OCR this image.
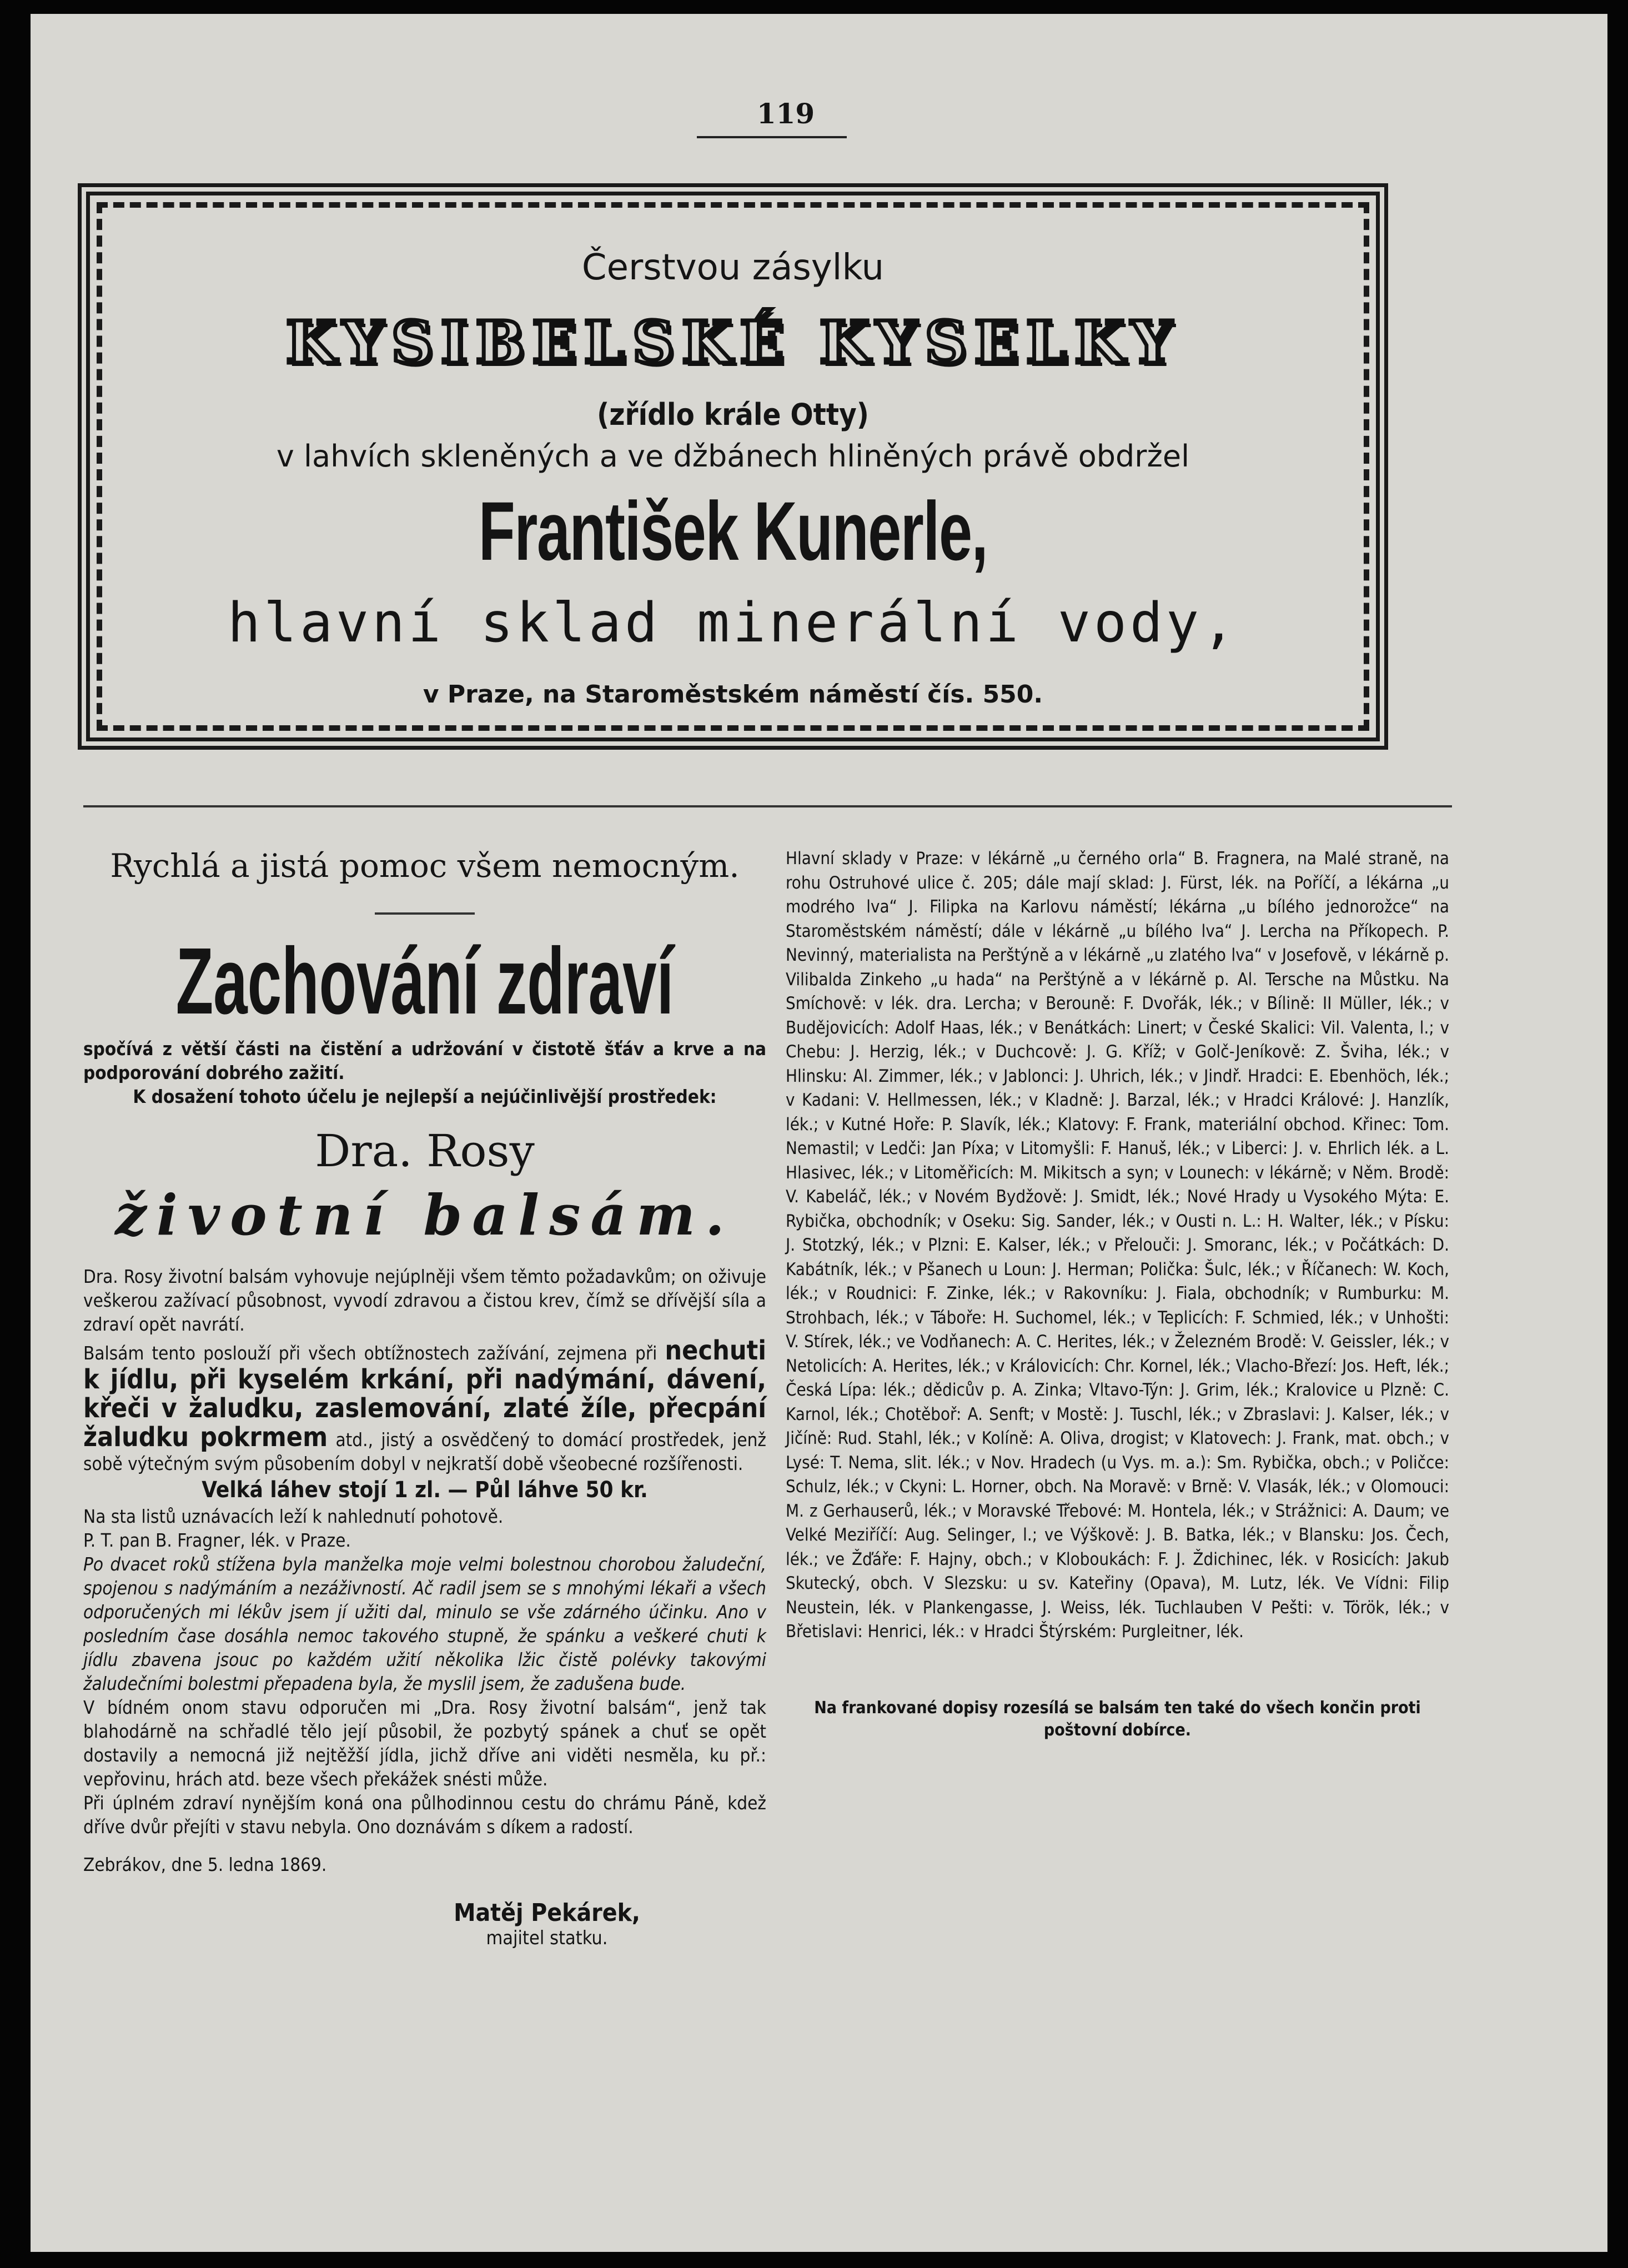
119
Čerstvou zásylku
KYSIBELSKÉ KYSELKY
(zřídlo krále Otty)
v lahvích skleněných a ve džbánech hliněných právě obdržel
František Kunerle,
hlavní sklad minerální vody,
v Praze, na Staroměstském náměstí čís. 550.
Rychlá a jistá pomoc všem nemocným.
Zachování zdraví

spočívá z větší části na čistění a udržování v čistotě šťáv a krve a na podporování dobrého zažití.

K dosažení tohoto účelu je nejlepší a nejúčinlivější prostředek:

Dra. Rosy
životní balsám.

Dra. Rosy životní balsám vyhovuje nejúplněji všem těmto požadavkům; on oživuje veškerou zažívací působnost, vyvodí zdravou a čistou krev, čímž se dřívější síla a zdraví opět navrátí.

Balsám tento poslouží při všech obtížnostech zažívání, zejmena při nechuti k jídlu, při kyselém krkání, při nadýmání, dávení, křeči v žaludku, zaslemování, zlaté žíle, přecpání žaludku pokrmem atd., jistý a osvědčený to domácí prostředek, jenž sobě výtečným svým působením dobyl v nejkratší době všeobecné rozšířenosti.

Velká láhev stojí 1 zl. — Půl láhve 50 kr.

Na sta listů uznávacích leží k nahlednutí pohotově.

P. T. pan B. Fragner, lék. v Praze.

Po dvacet roků stížena byla manželka moje velmi bolestnou chorobou žaludeční, spojenou s nadýmáním a nezáživností. Ač radil jsem se s mnohými lékaři a všech odporučených mi lékův jsem jí užiti dal, minulo se vše zdárného účinku. Ano v posledním čase dosáhla nemoc takového stupně, že spánku a veškeré chuti k jídlu zbavena jsouc po každém užití několika lžic čistě polévky takovými žaludečními bolestmi přepadena byla, že myslil jsem, že zadušena bude.

V bídném onom stavu odporučen mi „Dra. Rosy životní balsám“, jenž tak blahodárně na schřadlé tělo její působil, že pozbytý spánek a chuť se opět dostavily a nemocná již nejtěžší jídla, jichž dříve ani viděti nesměla, ku př.: vepřovinu, hrách atd. beze všech překážek snésti může.

Při úplném zdraví nynějším koná ona půlhodinnou cestu do chrámu Páně, kdež dříve dvůr přejíti v stavu nebyla. Ono doznávám s díkem a radostí.

Zebrákov, dne 5. ledna 1869.

Matěj Pekárek,
majitel statku.

Hlavní sklady v Praze: v lékárně „u černého orla“ B. Fragnera, na Malé straně, na rohu Ostruhové ulice č. 205; dále mají sklad: J. Fürst, lék. na Poříčí, a lékárna „u modrého lva“ J. Filipka na Karlovu náměstí; lékárna „u bílého jednorožce“ na Staroměstském náměstí; dále v lékárně „u bílého lva“ J. Lercha na Příkopech. P. Nevinný, materialista na Perštýně a v lékárně „u zlatého lva“ v Josefově, v lékárně p. Vilibalda Zinkeho „u hada“ na Perštýně a v lékárně p. Al. Tersche na Můstku. Na Smíchově: v lék. dra. Lercha; v Berouně: F. Dvořák, lék.; v Bílině: II Müller, lék.; v Budějovicích: Adolf Haas, lék.; v Benátkách: Linert; v České Skalici: Vil. Valenta, l.; v Chebu: J. Herzig, lék.; v Duchcově: J. G. Kříž; v Golč-Jeníkově: Z. Šviha, lék.; v Hlinsku: Al. Zimmer, lék.; v Jablonci: J. Uhrich, lék.; v Jindř. Hradci: E. Ebenhöch, lék.; v Kadani: V. Hellmessen, lék.; v Kladně: J. Barzal, lék.; v Hradci Králové: J. Hanzlík, lék.; v Kutné Hoře: P. Slavík, lék.; Klatovy: F. Frank, materiální obchod. Křinec: Tom. Nemastil; v Ledči: Jan Píxa; v Litomyšli: F. Hanuš, lék.; v Liberci: J. v. Ehrlich lék. a L. Hlasivec, lék.; v Litoměřicích: M. Mikitsch a syn; v Lounech: v lékárně; v Něm. Brodě: V. Kabeláč, lék.; v Novém Bydžově: J. Smidt, lék.; Nové Hrady u Vysokého Mýta: E. Rybička, obchodník; v Oseku: Sig. Sander, lék.; v Ousti n. L.: H. Walter, lék.; v Písku: J. Stotzký, lék.; v Plzni: E. Kalser, lék.; v Přelouči: J. Smoranc, lék.; v Počátkách: D. Kabátník, lék.; v Pšanech u Loun: J. Herman; Polička: Šulc, lék.; v Říčanech: W. Koch, lék.; v Roudnici: F. Zinke, lék.; v Rakovníku: J. Fiala, obchodník; v Rumburku: M. Strohbach, lék.; v Táboře: H. Suchomel, lék.; v Teplicích: F. Schmied, lék.; v Unhošti: V. Stírek, lék.; ve Vodňanech: A. C. Herites, lék.; v Železném Brodě: V. Geissler, lék.; v Netolicích: A. Herites, lék.; v Královicích: Chr. Kornel, lék.; Vlacho-Březí: Jos. Heft, lék.; Česká Lípa: lék.; dědicův p. A. Zinka; Vltavo-Týn: J. Grim, lék.; Kralovice u Plzně: C. Karnol, lék.; Chotěboř: A. Senft; v Mostě: J. Tuschl, lék.; v Zbraslavi: J. Kalser, lék.; v Jičíně: Rud. Stahl, lék.; v Kolíně: A. Oliva, drogist; v Klatovech: J. Frank, mat. obch.; v Lysé: T. Nema, slit. lék.; v Nov. Hradech (u Vys. m. a.): Sm. Rybička, obch.; v Poličce: Schulz, lék.; v Ckyni: L. Horner, obch. Na Moravě: v Brně: V. Vlasák, lék.; v Olomouci: M. z Gerhauserů, lék.; v Moravské Třebové: M. Hontela, lék.; v Strážnici: A. Daum; ve Velké Meziříčí: Aug. Selinger, l.; ve Výškově: J. B. Batka, lék.; v Blansku: Jos. Čech, lék.; ve Žďáře: F. Hajny, obch.; v Kloboukách: F. J. Ždichinec, lék. v Rosicích: Jakub Skutecký, obch. V Slezsku: u sv. Kateřiny (Opava), M. Lutz, lék. Ve Vídni: Filip Neustein, lék. v Plankengasse, J. Weiss, lék. Tuchlauben V Pešti: v. Török, lék.; v Břetislavi: Henrici, lék.: v Hradci Štýrském: Purgleitner, lék.

Na frankované dopisy rozesílá se balsám ten také do všech končin proti poštovní dobírce.
